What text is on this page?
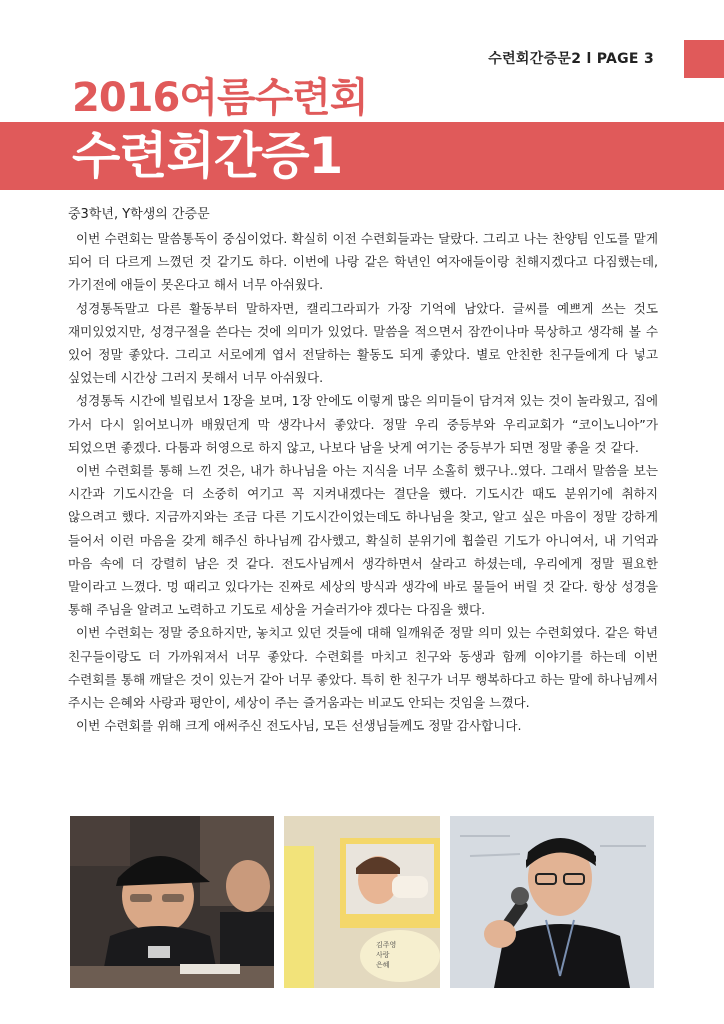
수련회간증문2 l PAGE 3
2016여름수련회
수련회간증1

중3학년, Y학생의 간증문

이번 수련회는 말씀통독이 중심이었다. 확실히 이전 수련회들과는 달랐다. 그리고 나는 찬양팀 인도를 맡게 되어 더 다르게 느꼈던 것 같기도 하다. 이번에 나랑 같은 학년인 여자애들이랑 친해지겠다고 다짐했는데, 가기전에 애들이 못온다고 해서 너무 아쉬웠다.

성경통독말고 다른 활동부터 말하자면, 캘리그라피가 가장 기억에 남았다. 글씨를 예쁘게 쓰는 것도 재미있었지만, 성경구절을 쓴다는 것에 의미가 있었다. 말씀을 적으면서 잠깐이나마 묵상하고 생각해 볼 수 있어 정말 좋았다. 그리고 서로에게 엽서 전달하는 활동도 되게 좋았다. 별로 안친한 친구들에게 다 넣고 싶었는데 시간상 그러지 못해서 너무 아쉬웠다.

성경통독 시간에 빌립보서 1장을 보며, 1장 안에도 이렇게 많은 의미들이 담겨져 있는 것이 놀라웠고, 집에 가서 다시 읽어보니까 배웠던게 막 생각나서 좋았다. 정말 우리 중등부와 우리교회가 “코이노니아”가 되었으면 좋겠다. 다툼과 허영으로 하지 않고, 나보다 남을 낫게 여기는 중등부가 되면 정말 좋을 것 같다.

이번 수련회를 통해 느낀 것은, 내가 하나님을 아는 지식을 너무 소홀히 했구나..였다. 그래서 말씀을 보는 시간과 기도시간을 더 소중히 여기고 꼭 지켜내겠다는 결단을 했다. 기도시간 때도 분위기에 취하지 않으려고 했다. 지금까지와는 조금 다른 기도시간이었는데도 하나님을 찾고, 알고 싶은 마음이 정말 강하게 들어서 이런 마음을 갖게 해주신 하나님께 감사했고, 확실히 분위기에 휩쓸린 기도가 아니여서, 내 기억과 마음 속에 더 강렬히 남은 것 같다. 전도사님께서 생각하면서 살라고 하셨는데, 우리에게 정말 필요한 말이라고 느꼈다. 멍 때리고 있다가는 진짜로 세상의 방식과 생각에 바로 물들어 버릴 것 같다. 항상 성경을 통해 주님을 알려고 노력하고 기도로 세상을 거슬러가야 겠다는 다짐을 했다.

이번 수련회는 정말 중요하지만, 놓치고 있던 것들에 대해 일깨워준 정말 의미 있는 수련회였다. 같은 학년 친구들이랑도 더 가까워져서 너무 좋았다. 수련회를 마치고 친구와 동생과 함께 이야기를 하는데 이번 수련회를 통해 깨달은 것이 있는거 같아 너무 좋았다. 특히 한 친구가 너무 행복하다고 하는 말에 하나님께서 주시는 은혜와 사랑과 평안이, 세상이 주는 즐거움과는 비교도 안되는 것임을 느꼈다.

이번 수련회를 위해 크게 애써주신 전도사님, 모든 선생님들께도 정말 감사합니다.

김주영
사랑
은혜
